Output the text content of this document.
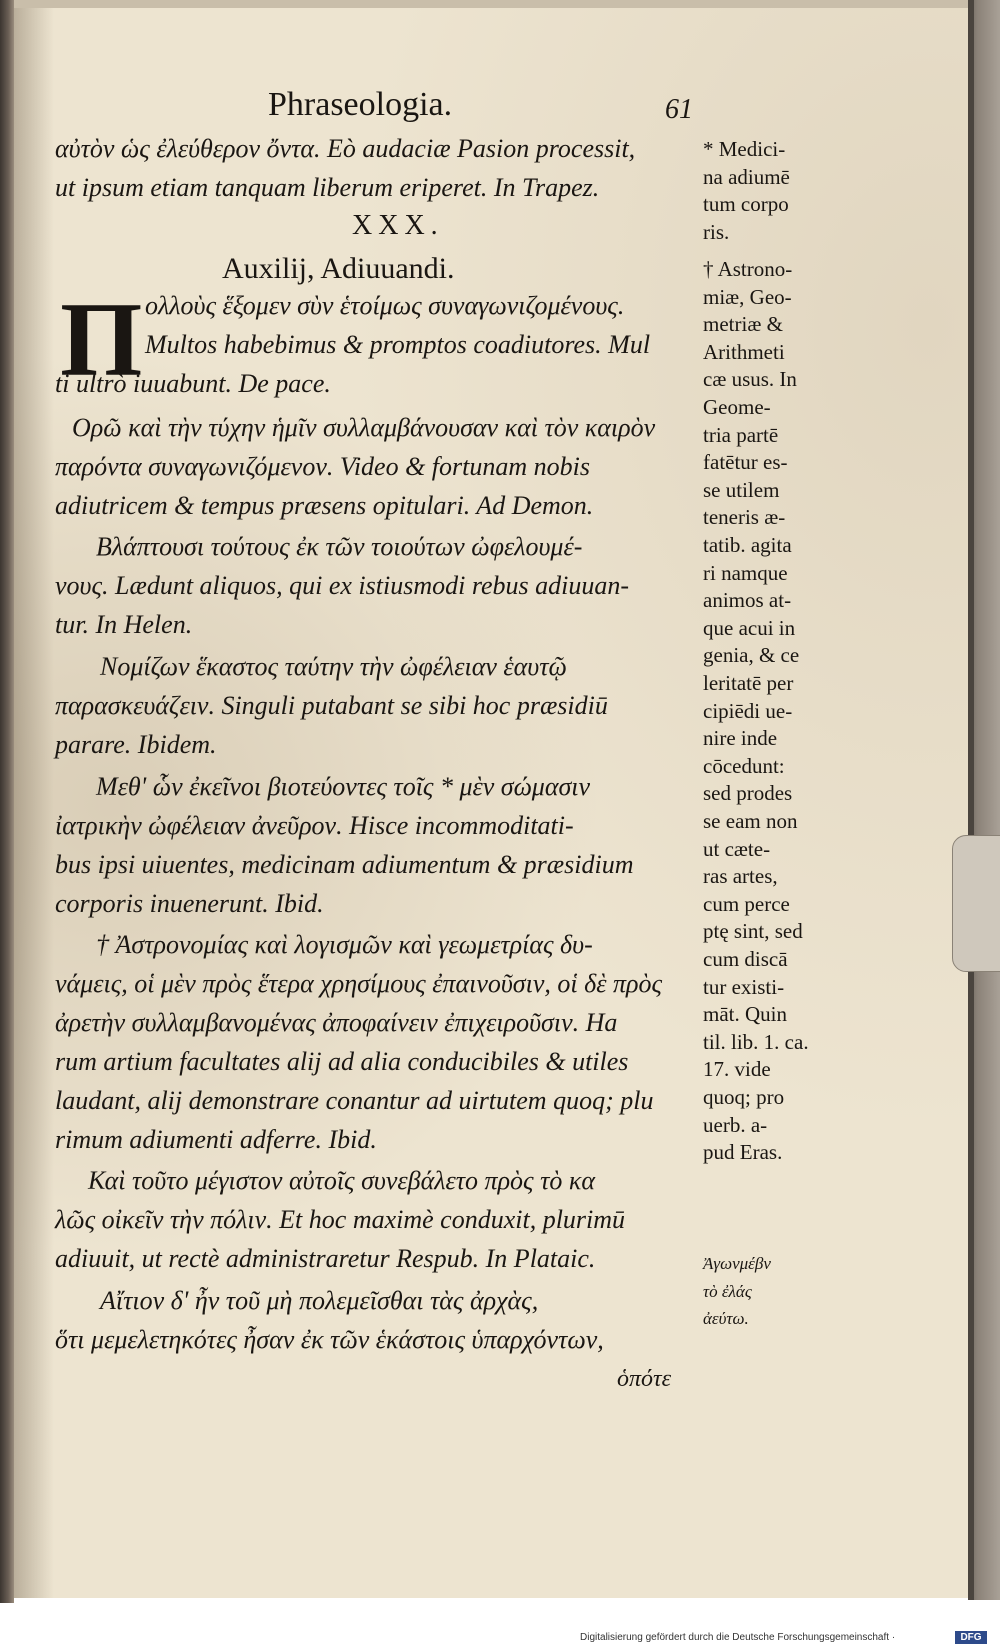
Phraseologia.	61
αὐτὸν ὡς ἐλεύθερον ὄντα. Eò audaciæ Pasion processit,
ut ipsum etiam tanquam liberum eriperet. In Trapez.
XXX.
Auxilij, Adiuuandi.
Π ολλοὺς ἕξομεν σὺν ἑτοίμως συναγωνιζομένους.
Multos habebimus & promptos coadiutores. Mul
ti ultrò iuuabunt. De pace.
Ορῶ καὶ τὴν τύχην ἡμῖν συλλαμβάνουσαν καὶ τὸν καιρὸν
παρόντα συναγωνιζόμενον. Video & fortunam nobis
adiutricem & tempus præsens opitulari. Ad Demon.
Βλάπτουσι τούτους ἐκ τῶν τοιούτων ὠφελουμέ-
νους. Lædunt aliquos, qui ex istiusmodi rebus adiuuan-
tur. In Helen.
Νομίζων ἕκαστος ταύτην τὴν ὠφέλειαν ἑαυτῷ
παρασκευάζειν. Singuli putabant se sibi hoc præsidiū
parare. Ibidem.
Μεθ' ὧν ἐκεῖνοι βιοτεύοντες τοῖς * μὲν σώμασιν
ἰατρικὴν ὠφέλειαν ἀνεῦρον. Hisce incommoditati-
bus ipsi uiuentes, medicinam adiumentum & præsidium
corporis inuenerunt. Ibid.
† Ἀστρονομίας καὶ λογισμῶν καὶ γεωμετρίας δυ-
νάμεις, οἱ μὲν πρὸς ἕτερα χρησίμους ἐπαινοῦσιν, οἱ δὲ πρὸς
ἀρετὴν συλλαμβανομένας ἀποφαίνειν ἐπιχειροῦσιν. Ha
rum artium facultates alij ad alia conducibiles & utiles
laudant, alij demonstrare conantur ad uirtutem quoq; plu
rimum adiumenti adferre. Ibid.
Καὶ τοῦτο μέγιστον αὐτοῖς συνεβάλετο πρὸς τὸ κα
λῶς οἰκεῖν τὴν πόλιν. Et hoc maximè conduxit, plurimū
adiuuit, ut rectè administraretur Respub. In Plataic.
Αἴτιον δ' ἦν τοῦ μὴ πολεμεῖσθαι τὰς ἀρχὰς,
ὅτι μεμελετηκότες ἦσαν ἐκ τῶν ἑκάστοις ὑπαρχόντων,
ὁπότε
* Medici-
na adiumē
tum corpo
ris.
† Astrono-
miæ, Geo-
metriæ &
Arithmeti
cæ usus. In
Geome-
tria partē
fatētur es-
se utilem
teneris æ-
tatib. agita
ri namque
animos at-
que acui in
genia, & ce
leritatē per
cipiēdi ue-
nire inde
cōcedunt:
sed prodes
se eam non
ut cæte-
ras artes,
cum perce
ptę sint, sed
cum discā
tur existi-
māt. Quin
til. lib. 1. ca.
17. vide
quoq; pro
uerb. a-
pud Eras.
Ἀγωνμέβν
τὸ ἐλάς
ἀεύτω.
Digitalisierung gefördert durch die Deutsche Forschungsgemeinschaft ·	DFG
